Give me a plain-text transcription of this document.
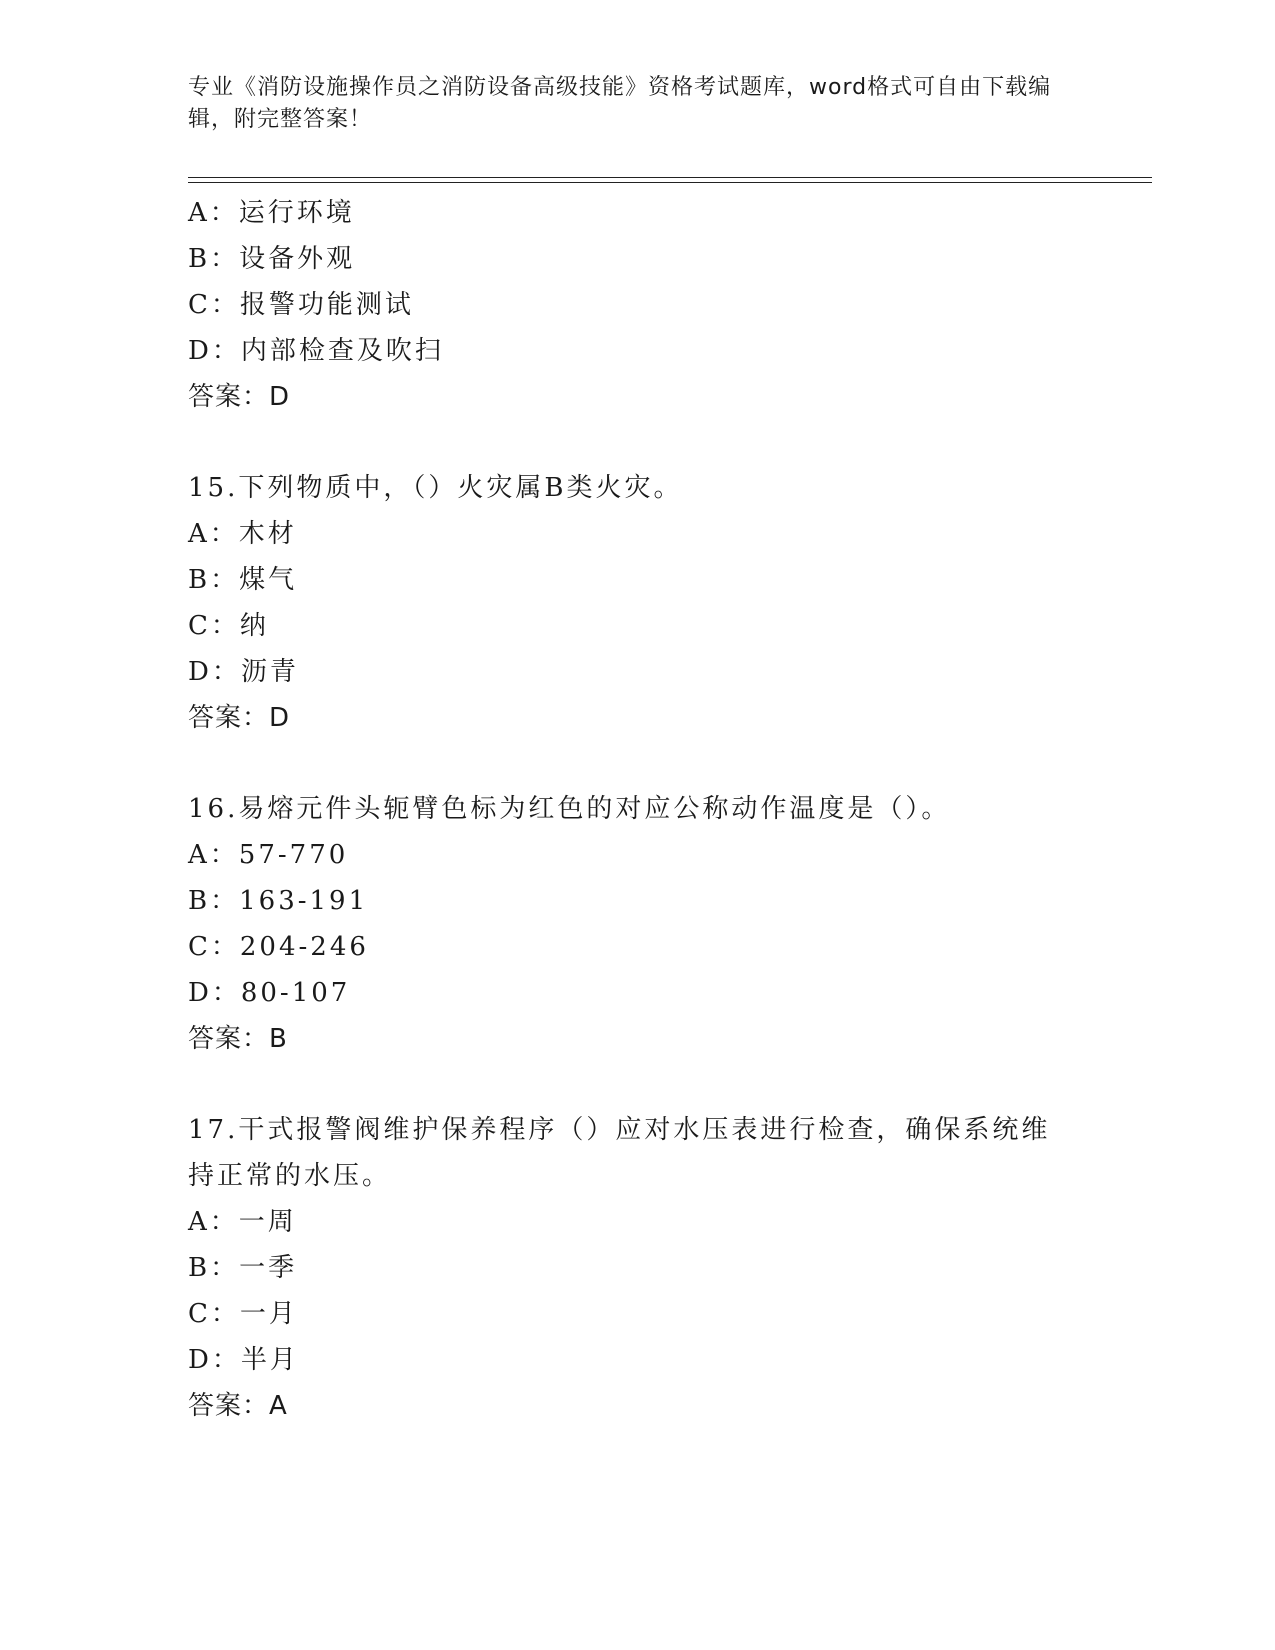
专业《消防设施操作员之消防设备高级技能》资格考试题库，word格式可自由下载编辑，附完整答案！
A：运行环境
B：设备外观
C：报警功能测试
D：内部检查及吹扫
答案：D
15.下列物质中，（）火灾属B类火灾。
A：木材
B：煤气
C：纳
D：沥青
答案：D
16.易熔元件头轭臂色标为红色的对应公称动作温度是（）。
A：57-770
B：163-191
C：204-246
D：80-107
答案：B
17.干式报警阀维护保养程序（）应对水压表进行检查，确保系统维持正常的水压。
A：一周
B：一季
C：一月
D：半月
答案：A
